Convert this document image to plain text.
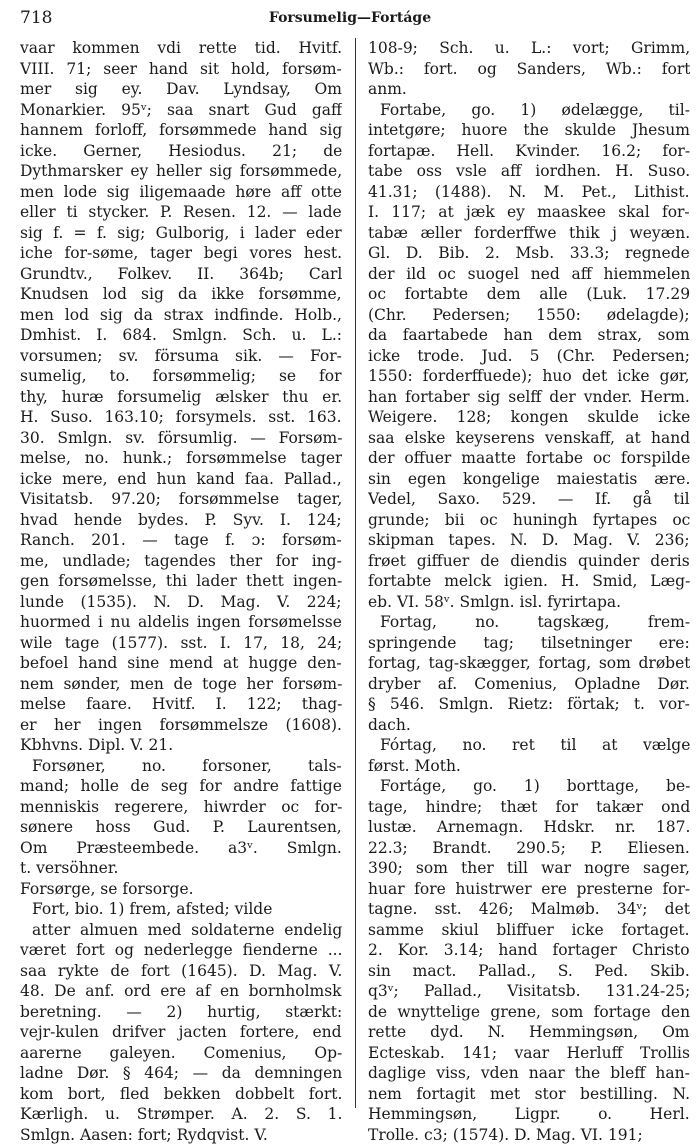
718	Forsumelig—Fortáge
vaar kommen vdi rette tid. Hvitf.
VIII. 71; seer hand sit hold, forsøm-
mer sig ey. Dav. Lyndsay, Om
Monarkier. 95ᵛ; saa snart Gud gaff
hannem forloff, forsømmede hand sig
icke. Gerner, Hesiodus. 21; de
Dythmarsker ey heller sig forsømmede,
men lode sig iligemaade høre aff otte
eller ti stycker. P. Resen. 12. — lade
sig f. = f. sig; Gulborig, i lader eder
iche for-søme, tager begi vores hest.
Grundtv., Folkev. II. 364b; Carl
Knudsen lod sig da ikke forsømme,
men lod sig da strax indfinde. Holb.,
Dmhist. I. 684. Smlgn. Sch. u. L.:
vorsumen; sv. försuma sik. — For-
sumelig, to. forsømmelig; se for
thy, huræ forsumelig ælsker thu er.
H. Suso. 163.10; forsymels. sst. 163.
30. Smlgn. sv. försumlig. — Forsøm-
melse, no. hunk.; forsømmelse tager
icke mere, end hun kand faa. Pallad.,
Visitatsb. 97.20; forsømmelse tager,
hvad hende bydes. P. Syv. I. 124;
Ranch. 201. — tage f. ɔ: forsøm-
me, undlade; tagendes ther for ing-
gen forsømelsse, thi lader thett ingen-
lunde (1535). N. D. Mag. V. 224;
huormed i nu aldelis ingen forsømelsse
wile tage (1577). sst. I. 17, 18, 24;
befoel hand sine mend at hugge den-
nem sønder, men de toge her forsøm-
melse faare. Hvitf. I. 122; thag-
er her ingen forsømmelsze (1608).
Kbhvns. Dipl. V. 21.
Forsøner, no. forsoner, tals-
mand; holle de seg for andre fattige
menniskis regerere, hiwrder oc for-
sønere hoss Gud. P. Laurentsen,
Om Præsteembede. a3ᵛ. Smlgn.
t. versöhner.
Forsørge, se forsorge.
Fort, bio. 1) frem, afsted; vilde
atter almuen med soldaterne endelig
været fort og nederlegge fienderne ...
saa rykte de fort (1645). D. Mag. V.
48. De anf. ord ere af en bornholmsk
beretning. — 2) hurtig, stærkt:
vejr-kulen drifver jacten fortere, end
aarerne galeyen. Comenius, Op-
ladne Dør. § 464; — da demningen
kom bort, fled bekken dobbelt fort.
Kærligh. u. Strømper. A. 2. S. 1.
Smlgn. Aasen: fort; Rydqvist. V.
108-9; Sch. u. L.: vort; Grimm,
Wb.: fort. og Sanders, Wb.: fort
anm.
Fortabe, go. 1) ødelægge, til-
intetgøre; huore the skulde Jhesum
fortapæ. Hell. Kvinder. 16.2; for-
tabe oss vsle aff iordhen. H. Suso.
41.31; (1488). N. M. Pet., Lithist.
I. 117; at jæk ey maaskee skal for-
tabæ æller forderffwe thik j weyæn.
Gl. D. Bib. 2. Msb. 33.3; regnede
der ild oc suogel ned aff hiemmelen
oc fortabte dem alle (Luk. 17.29
(Chr. Pedersen; 1550: ødelagde);
da faartabede han dem strax, som
icke trode. Jud. 5 (Chr. Pedersen;
1550: forderffuede); huo det icke gør,
han fortaber sig selff der vnder. Herm.
Weigere. 128; kongen skulde icke
saa elske keyserens venskaff, at hand
der offuer maatte fortabe oc forspilde
sin egen kongelige maiestatis ære.
Vedel, Saxo. 529. — If. gå til
grunde; bii oc huningh fyrtapes oc
skipman tapes. N. D. Mag. V. 236;
frøet giffuer de diendis quinder deris
fortabte melck igien. H. Smid, Læg-
eb. VI. 58ᵛ. Smlgn. isl. fyrirtapa.
Fortag, no. tagskæg, frem-
springende tag; tilsetninger ere:
fortag, tag-skægger, fortag, som drøbet
dryber af. Comenius, Opladne Dør.
§ 546. Smlgn. Rietz: förtak; t. vor-
dach.
Fórtag, no. ret til at vælge
først. Moth.
Fortáge, go. 1) borttage, be-
tage, hindre; thæt for takær ond
lustæ. Arnemagn. Hdskr. nr. 187.
22.3; Brandt. 290.5; P. Eliesen.
390; som ther till war nogre sager,
huar fore huistrwer ere presterne for-
tagne. sst. 426; Malmøb. 34ᵛ; det
samme skiul bliffuer icke fortaget.
2. Kor. 3.14; hand fortager Christo
sin mact. Pallad., S. Ped. Skib.
q3ᵛ; Pallad., Visitatsb. 131.24-25;
de wnyttelige grene, som fortage den
rette dyd. N. Hemmingsøn, Om
Ecteskab. 141; vaar Herluff Trollis
daglige viss, vden naar the bleff han-
nem fortagit met stor bestilling. N.
Hemmingsøn, Ligpr. o. Herl.
Trolle. c3; (1574). D. Mag. VI. 191;
